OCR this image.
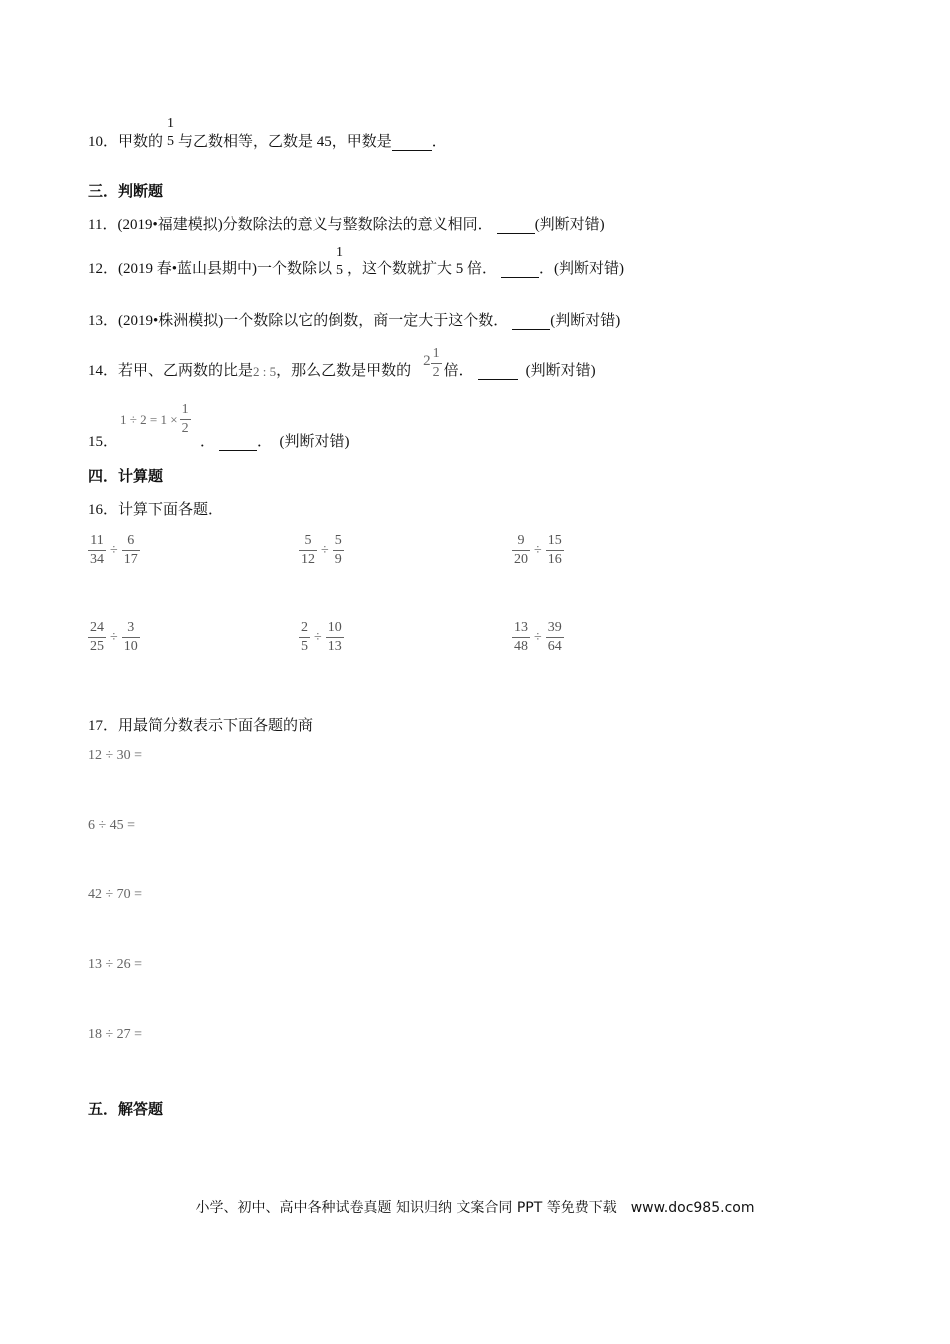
10． 甲数的
1
5 与乙数相等，乙数是 45，甲数是	．
三．判断题
11．(2019•福建模拟)分数除法的意义与整数除法的意义相同．	(判断对错)
12．(2019 春•蓝山县期中)一个数除以
1
5 ，这个数就扩大 5 倍．	．(判断对错)
13．(2019•株洲模拟)一个数除以它的倒数，商一定大于这个数．	(判断对错)
14．若甲、乙两数的比是 2 : 5 ，那么乙数是甲数的
$2 \frac{1}{2}$ 倍．	(判断对错)
15．
$1 \div 2 = 1 \times \frac{1}{2}$
．	．　(判断对错)
四．计算题
16．计算下面各题．
$\frac{11}{34} \div \frac{6}{17}$	$\frac{5}{12} \div \frac{5}{9}$	$\frac{9}{20} \div \frac{15}{16}$
$\frac{24}{25} \div \frac{3}{10}$	$\frac{2}{5} \div \frac{10}{13}$	$\frac{13}{48} \div \frac{39}{64}$
17．用最简分数表示下面各题的商
12 ÷ 30 =
6 ÷ 45 =
42 ÷ 70 =
13 ÷ 26 =
18 ÷ 27 =
五．解答题
小学、初中、高中各种试卷真题 知识归纳 文案合同 PPT 等免费下载　www.doc985.com
